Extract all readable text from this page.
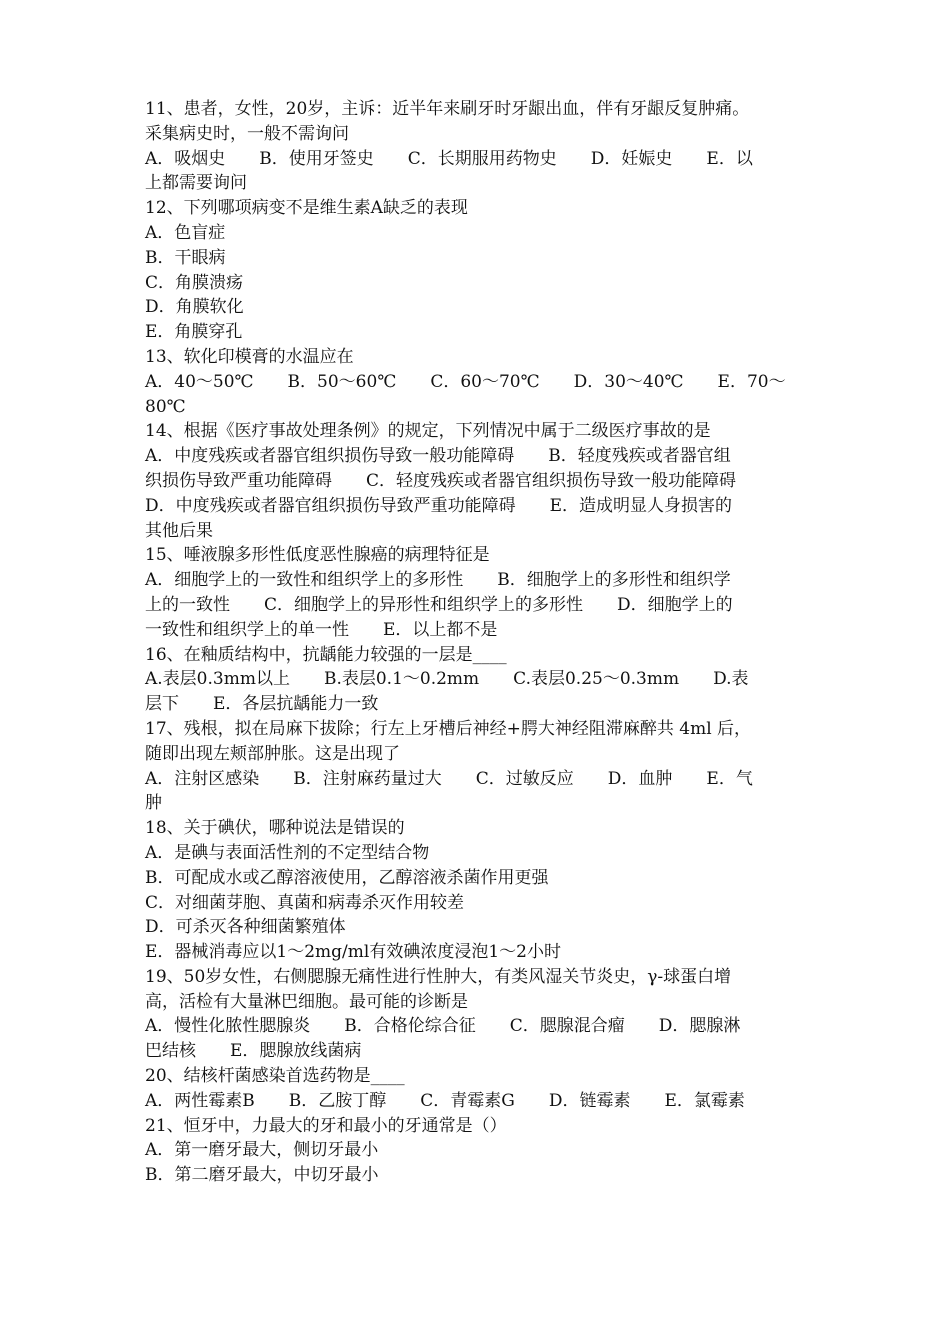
11、患者，女性，20岁，主诉：近半年来刷牙时牙龈出血，伴有牙龈反复肿痛。
采集病史时，一般不需询问
A．吸烟史　　B．使用牙签史　　C．长期服用药物史　　D．妊娠史　　E．以
上都需要询问
12、下列哪项病变不是维生素A缺乏的表现
A．色盲症
B．干眼病
C．角膜溃疡
D．角膜软化
E．角膜穿孔
13、软化印模膏的水温应在
A．40～50℃　　B．50～60℃　　C．60～70℃　　D．30～40℃　　E．70～
80℃
14、根据《医疗事故处理条例》的规定，下列情况中属于二级医疗事故的是
A．中度残疾或者器官组织损伤导致一般功能障碍　　B．轻度残疾或者器官组
织损伤导致严重功能障碍　　C．轻度残疾或者器官组织损伤导致一般功能障碍
D．中度残疾或者器官组织损伤导致严重功能障碍　　E．造成明显人身损害的
其他后果
15、唾液腺多形性低度恶性腺癌的病理特征是
A．细胞学上的一致性和组织学上的多形性　　B．细胞学上的多形性和组织学
上的一致性　　C．细胞学上的异形性和组织学上的多形性　　D．细胞学上的
一致性和组织学上的单一性　　E．以上都不是
16、在釉质结构中，抗龋能力较强的一层是____
A.表层0.3mm以上　　B.表层0.1～0.2mm　　C.表层0.25～0.3mm　　D.表
层下　　E．各层抗龋能力一致
17、残根，拟在局麻下拔除；行左上牙槽后神经+腭大神经阻滞麻醉共 4ml 后，
随即出现左颊部肿胀。这是出现了
A．注射区感染　　B．注射麻药量过大　　C．过敏反应　　D．血肿　　E．气
肿
18、关于碘伏，哪种说法是错误的
A．是碘与表面活性剂的不定型结合物
B．可配成水或乙醇溶液使用，乙醇溶液杀菌作用更强
C．对细菌芽胞、真菌和病毒杀灭作用较差
D．可杀灭各种细菌繁殖体
E．器械消毒应以1～2mg/ml有效碘浓度浸泡1～2小时
19、50岁女性，右侧腮腺无痛性进行性肿大，有类风湿关节炎史，γ-球蛋白增
高，活检有大量淋巴细胞。最可能的诊断是
A．慢性化脓性腮腺炎　　B．合格伦综合征　　C．腮腺混合瘤　　D．腮腺淋
巴结核　　E．腮腺放线菌病
20、结核杆菌感染首选药物是____
A．两性霉素B　　B．乙胺丁醇　　C．青霉素G　　D．链霉素　　E．氯霉素
21、恒牙中，力最大的牙和最小的牙通常是（）
A．第一磨牙最大，侧切牙最小
B．第二磨牙最大，中切牙最小
